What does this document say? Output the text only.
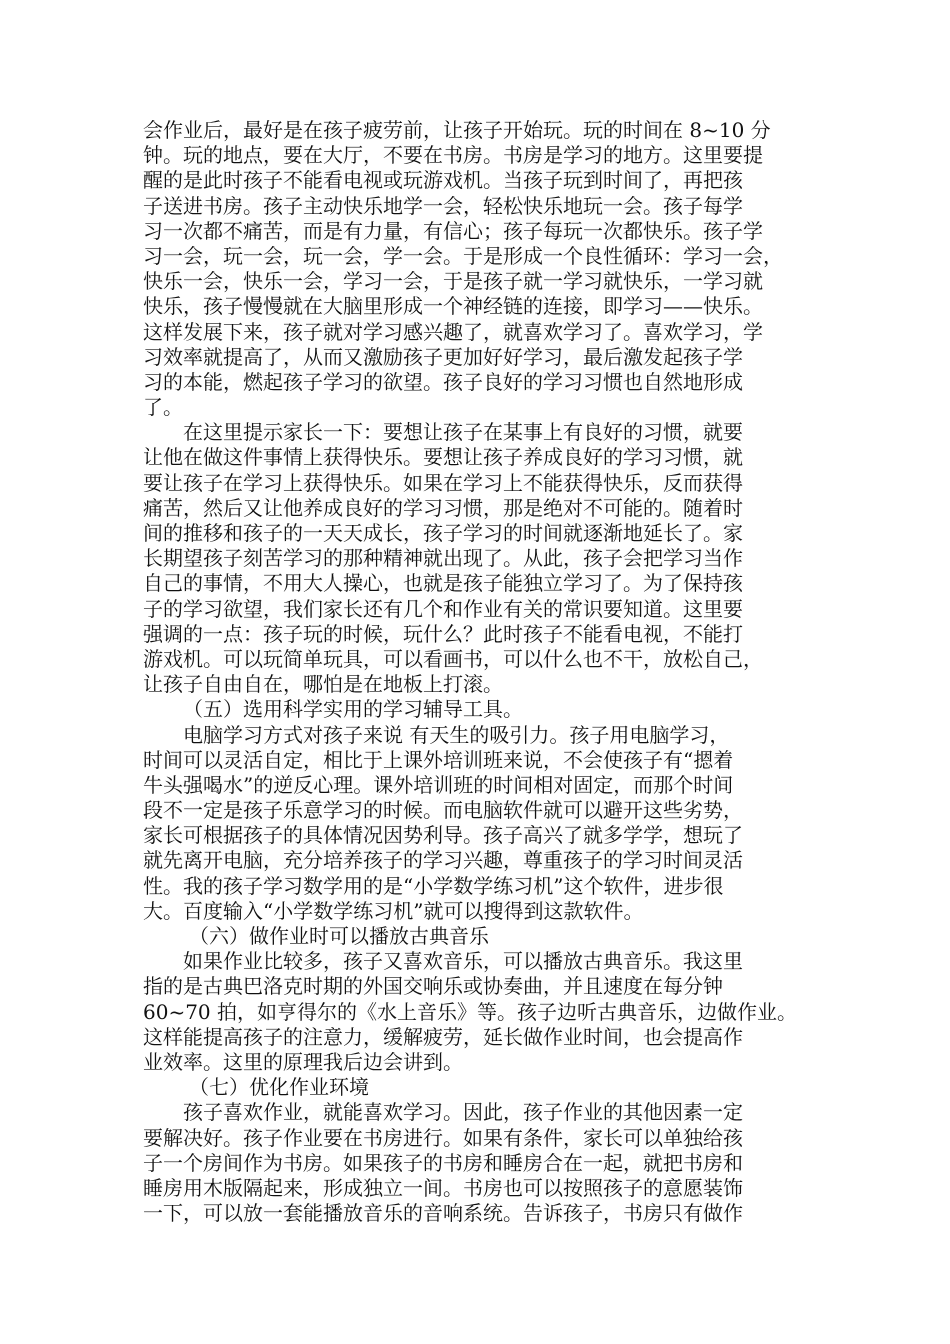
会作业后，最好是在孩子疲劳前，让孩子开始玩。玩的时间在 8~10 分
钟。玩的地点，要在大厅，不要在书房。书房是学习的地方。这里要提
醒的是此时孩子不能看电视或玩游戏机。当孩子玩到时间了，再把孩
子送进书房。孩子主动快乐地学一会，轻松快乐地玩一会。孩子每学
习一次都不痛苦，而是有力量，有信心；孩子每玩一次都快乐。孩子学
习一会，玩一会，玩一会，学一会。于是形成一个良性循环：学习一会，
快乐一会，快乐一会，学习一会，于是孩子就一学习就快乐，一学习就
快乐，孩子慢慢就在大脑里形成一个神经链的连接，即学习——快乐。
这样发展下来，孩子就对学习感兴趣了，就喜欢学习了。喜欢学习，学
习效率就提高了，从而又激励孩子更加好好学习，最后激发起孩子学
习的本能，燃起孩子学习的欲望。孩子良好的学习习惯也自然地形成
了。
在这里提示家长一下：要想让孩子在某事上有良好的习惯，就要
让他在做这件事情上获得快乐。要想让孩子养成良好的学习习惯，就
要让孩子在学习上获得快乐。如果在学习上不能获得快乐，反而获得
痛苦，然后又让他养成良好的学习习惯，那是绝对不可能的。随着时
间的推移和孩子的一天天成长，孩子学习的时间就逐渐地延长了。家
长期望孩子刻苦学习的那种精神就出现了。从此，孩子会把学习当作
自己的事情，不用大人操心，也就是孩子能独立学习了。为了保持孩
子的学习欲望，我们家长还有几个和作业有关的常识要知道。这里要
强调的一点：孩子玩的时候，玩什么？此时孩子不能看电视，不能打
游戏机。可以玩简单玩具，可以看画书，可以什么也不干，放松自己，
让孩子自由自在，哪怕是在地板上打滚。
（五）选用科学实用的学习辅导工具。
电脑学习方式对孩子来说 有天生的吸引力。孩子用电脑学习，
时间可以灵活自定，相比于上课外培训班来说，不会使孩子有“摁着
牛头强喝水”的逆反心理。课外培训班的时间相对固定，而那个时间
段不一定是孩子乐意学习的时候。而电脑软件就可以避开这些劣势，
家长可根据孩子的具体情况因势利导。孩子高兴了就多学学，想玩了
就先离开电脑，充分培养孩子的学习兴趣，尊重孩子的学习时间灵活
性。我的孩子学习数学用的是“小学数学练习机”这个软件，进步很
大。百度输入“小学数学练习机”就可以搜得到这款软件。
（六）做作业时可以播放古典音乐
如果作业比较多，孩子又喜欢音乐，可以播放古典音乐。我这里
指的是古典巴洛克时期的外国交响乐或协奏曲，并且速度在每分钟
60~70 拍，如亨得尔的《水上音乐》等。孩子边听古典音乐，边做作业。
这样能提高孩子的注意力，缓解疲劳，延长做作业时间，也会提高作
业效率。这里的原理我后边会讲到。
（七）优化作业环境
孩子喜欢作业，就能喜欢学习。因此，孩子作业的其他因素一定
要解决好。孩子作业要在书房进行。如果有条件，家长可以单独给孩
子一个房间作为书房。如果孩子的书房和睡房合在一起，就把书房和
睡房用木版隔起来，形成独立一间。书房也可以按照孩子的意愿装饰
一下，可以放一套能播放音乐的音响系统。告诉孩子，书房只有做作
